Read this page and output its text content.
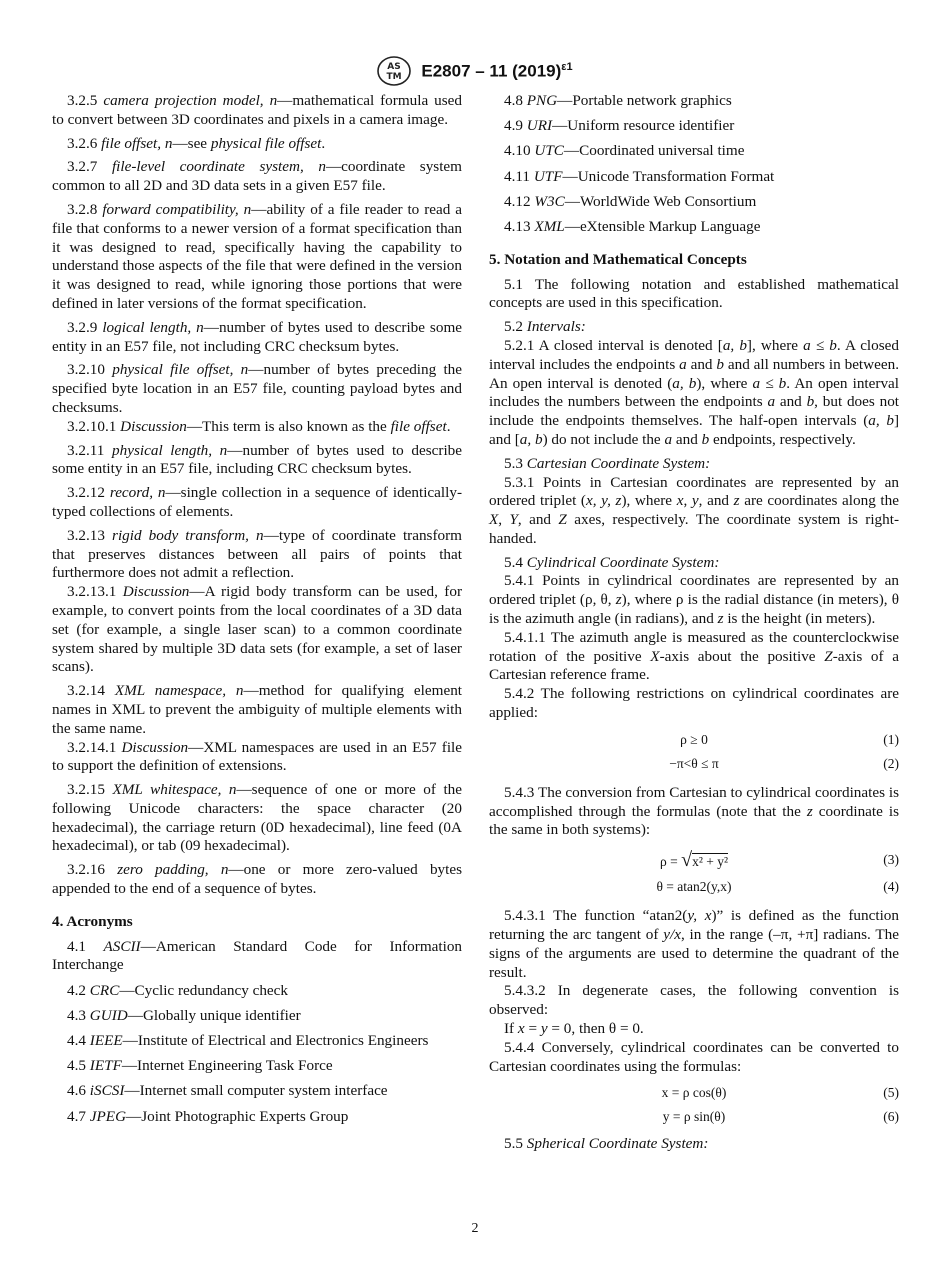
AS
TM E2807 – 11 $(2019)^{\varepsilon 1}$

3.2.5 camera projection model, n—mathematical formula used to convert between 3D coordinates and pixels in a camera image.

3.2.6 file offset, n—see physical file offset.

3.2.7 file-level coordinate system, n—coordinate system common to all 2D and 3D data sets in a given E57 file.

3.2.8 forward compatibility, n—ability of a file reader to read a file that conforms to a newer version of a format specification than it was designed to read, specifically having the capability to understand those aspects of the file that were defined in the version it was designed to read, while ignoring those portions that were defined in later versions of the format specification.

3.2.9 logical length, n—number of bytes used to describe some entity in an E57 file, not including CRC checksum bytes.

3.2.10 physical file offset, n—number of bytes preceding the specified byte location in an E57 file, counting payload bytes and checksums.

3.2.10.1 Discussion—This term is also known as the file offset.

3.2.11 physical length, n—number of bytes used to describe some entity in an E57 file, including CRC checksum bytes.

3.2.12 record, n—single collection in a sequence of identically-typed collections of elements.

3.2.13 rigid body transform, n—type of coordinate transform that preserves distances between all pairs of points that furthermore does not admit a reflection.

3.2.13.1 Discussion—A rigid body transform can be used, for example, to convert points from the local coordinates of a 3D data set (for example, a single laser scan) to a common coordinate system shared by multiple 3D data sets (for example, a set of laser scans).

3.2.14 XML namespace, n—method for qualifying element names in XML to prevent the ambiguity of multiple elements with the same name.

3.2.14.1 Discussion—XML namespaces are used in an E57 file to support the definition of extensions.

3.2.15 XML whitespace, n—sequence of one or more of the following Unicode characters: the space character (20 hexadecimal), the carriage return (0D hexadecimal), line feed (0A hexadecimal), or tab (09 hexadecimal).

3.2.16 zero padding, n—one or more zero-valued bytes appended to the end of a sequence of bytes.

4. Acronyms

4.1 ASCII—American Standard Code for Information Interchange

4.2 CRC—Cyclic redundancy check

4.3 GUID—Globally unique identifier

4.4 IEEE—Institute of Electrical and Electronics Engineers

4.5 IETF—Internet Engineering Task Force

4.6 iSCSI—Internet small computer system interface

4.7 JPEG—Joint Photographic Experts Group

4.8 PNG—Portable network graphics

4.9 URI—Uniform resource identifier

4.10 UTC—Coordinated universal time

4.11 UTF—Unicode Transformation Format

4.12 W3C—WorldWide Web Consortium

4.13 XML—eXtensible Markup Language

5. Notation and Mathematical Concepts

5.1 The following notation and established mathematical concepts are used in this specification.

5.2 Intervals:

5.2.1 A closed interval is denoted [a, b], where a ≤ b. A closed interval includes the endpoints a and b and all numbers in between. An open interval is denoted (a, b), where a ≤ b. An open interval includes the numbers between the endpoints a and b, but does not include the endpoints themselves. The half-open intervals (a, b] and [a, b) do not include the a and b endpoints, respectively.

5.3 Cartesian Coordinate System:

5.3.1 Points in Cartesian coordinates are represented by an ordered triplet (x, y, z), where x, y, and z are coordinates along the X, Y, and Z axes, respectively. The coordinate system is right-handed.

5.4 Cylindrical Coordinate System:

5.4.1 Points in cylindrical coordinates are represented by an ordered triplet (ρ, θ, z), where ρ is the radial distance (in meters), θ is the azimuth angle (in radians), and z is the height (in meters).

5.4.1.1 The azimuth angle is measured as the counterclockwise rotation of the positive X-axis about the positive Z-axis of a Cartesian reference frame.

5.4.2 The following restrictions on cylindrical coordinates are applied:

ρ ≥ 0	(1)
−π<θ ≤ π	(2)

5.4.3 The conversion from Cartesian to cylindrical coordinates is accomplished through the formulas (note that the z coordinate is the same in both systems):

ρ = √x² + y²	(3)
θ = atan2(y,x)	(4)

5.4.3.1 The function “atan2(y, x)” is defined as the function returning the arc tangent of y/x, in the range (–π, +π] radians. The signs of the arguments are used to determine the quadrant of the result.

5.4.3.2 In degenerate cases, the following convention is observed:

If x = y = 0, then θ = 0.

5.4.4 Conversely, cylindrical coordinates can be converted to Cartesian coordinates using the formulas:

x = ρ cos(θ)	(5)
y = ρ sin(θ)	(6)

5.5 Spherical Coordinate System:

2
